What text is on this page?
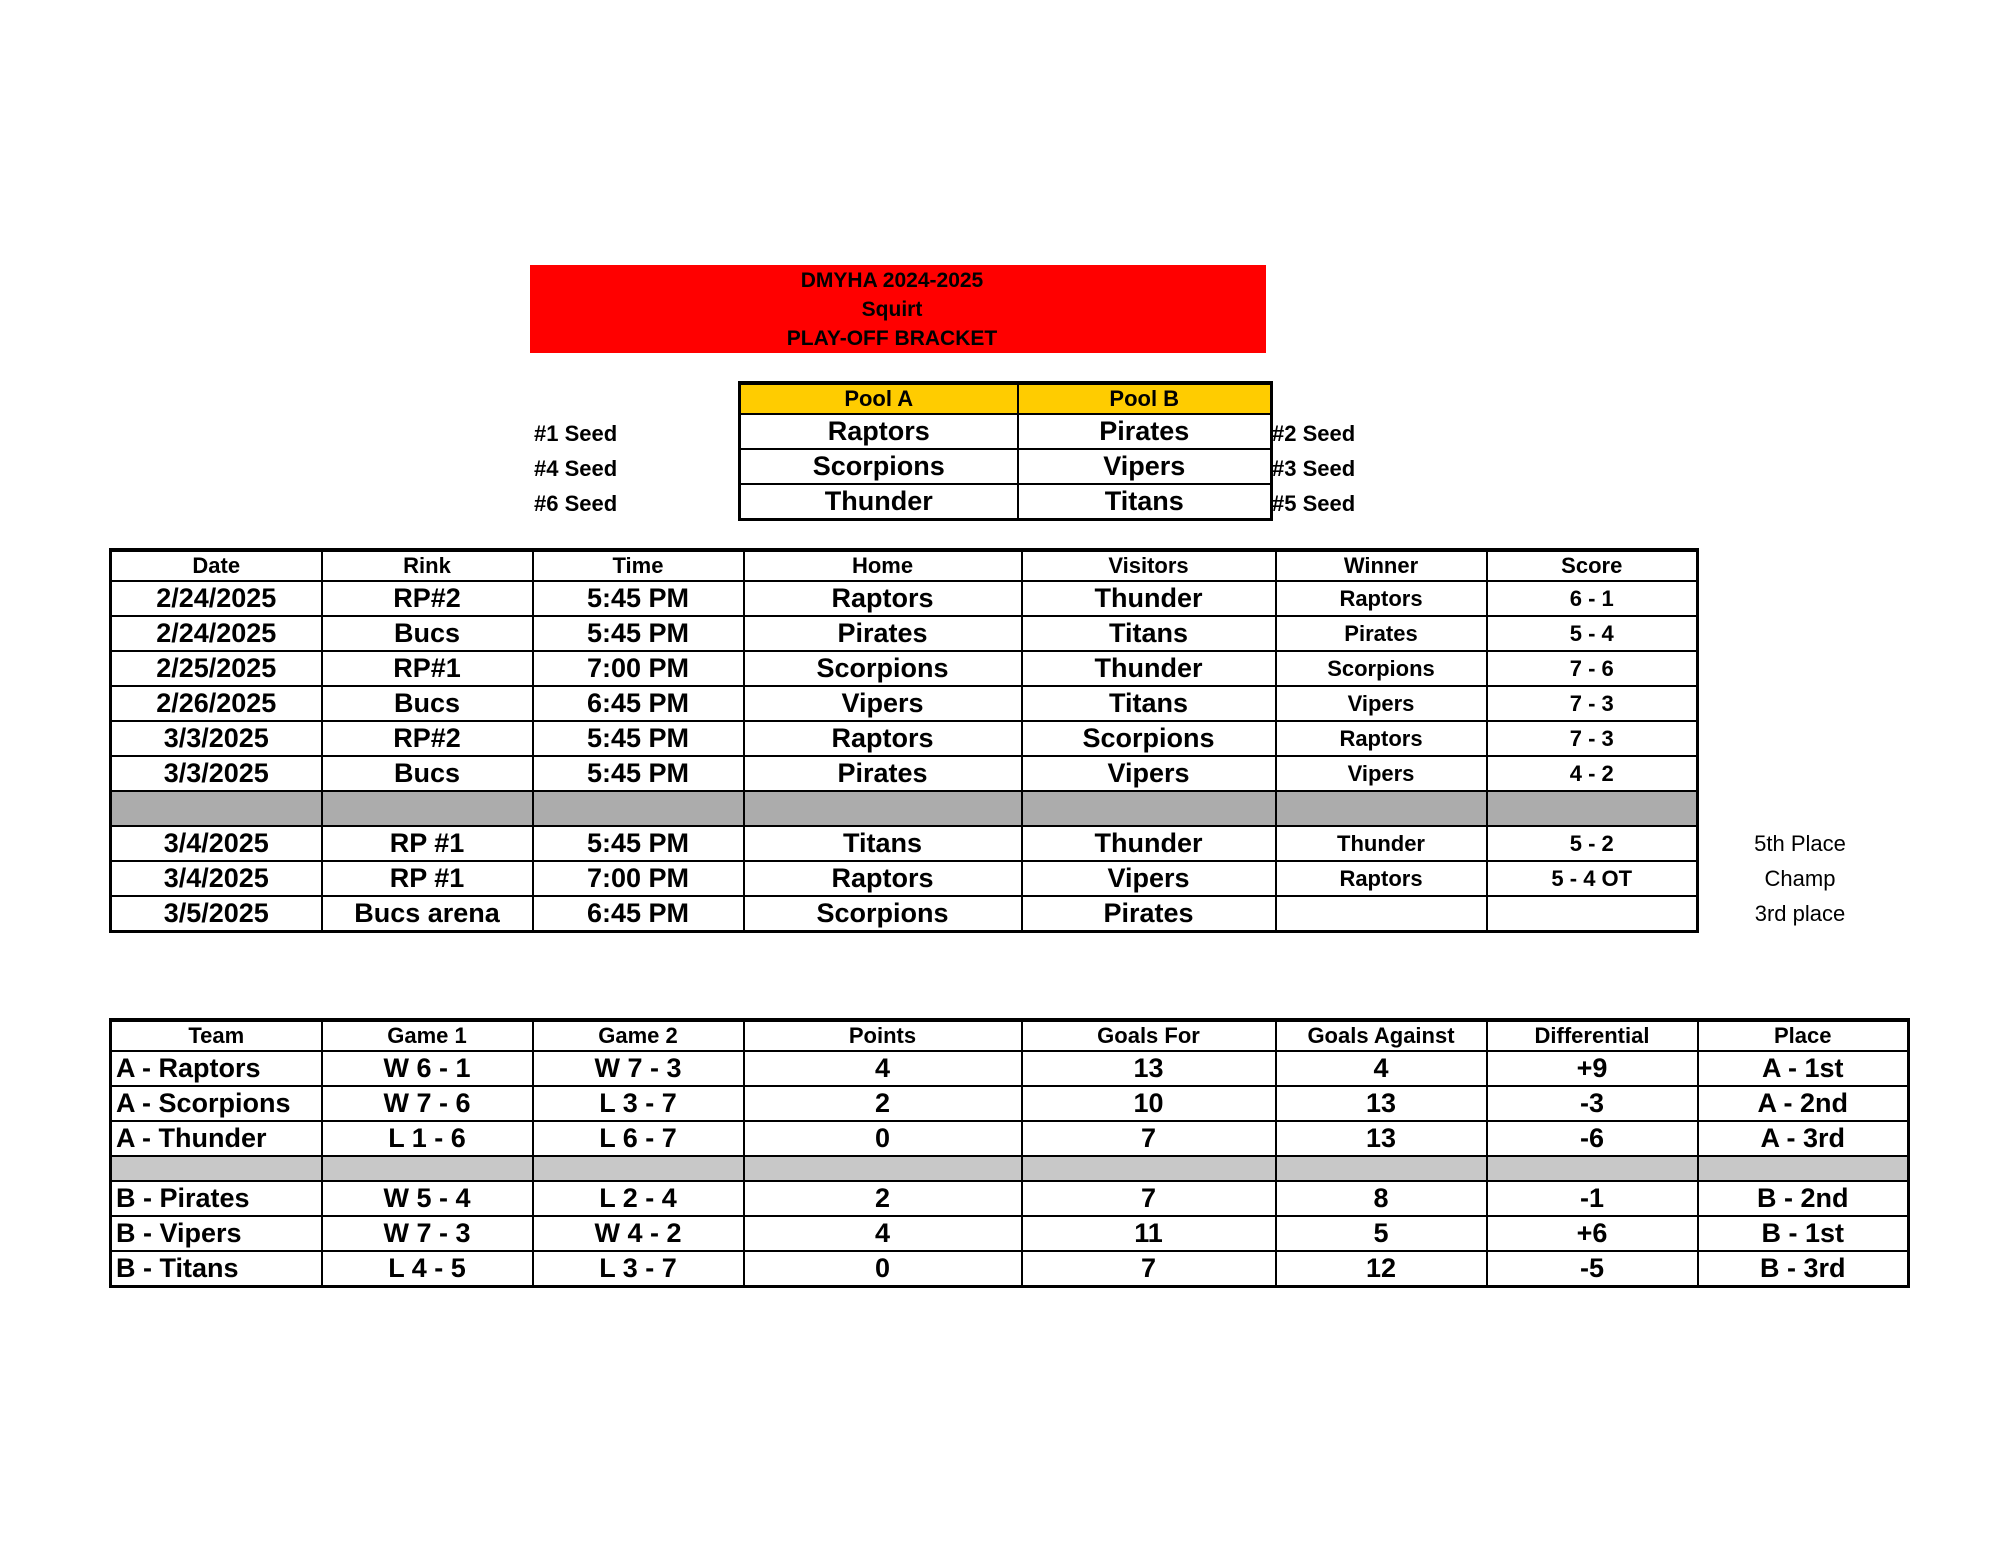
DMYHA 2024-2025
Squirt
PLAY-OFF BRACKET
#1 Seed
#4 Seed
#6 Seed
#2 Seed
#3 Seed
#5 Seed
Pool A	Pool B
Raptors	Pirates
Scorpions	Vipers
Thunder	Titans
Date	Rink	Time	Home	Visitors	Winner	Score
2/24/2025	RP#2	5:45 PM	Raptors	Thunder	Raptors	6 - 1
2/24/2025	Bucs	5:45 PM	Pirates	Titans	Pirates	5 - 4
2/25/2025	RP#1	7:00 PM	Scorpions	Thunder	Scorpions	7 - 6
2/26/2025	Bucs	6:45 PM	Vipers	Titans	Vipers	7 - 3
3/3/2025	RP#2	5:45 PM	Raptors	Scorpions	Raptors	7 - 3
3/3/2025	Bucs	5:45 PM	Pirates	Vipers	Vipers	4 - 2

3/4/2025	RP #1	5:45 PM	Titans	Thunder	Thunder	5 - 2
3/4/2025	RP #1	7:00 PM	Raptors	Vipers	Raptors	5 - 4 OT
3/5/2025	Bucs arena	6:45 PM	Scorpions	Pirates		
5th Place
Champ
3rd place
Team	Game 1	Game 2	Points	Goals For	Goals Against	Differential	Place
A - Raptors	W 6 - 1	W 7 - 3	4	13	4	+9	A - 1st
A - Scorpions	W 7 - 6	L 3 - 7	2	10	13	-3	A - 2nd
A - Thunder	L 1 - 6	L 6 - 7	0	7	13	-6	A - 3rd

B - Pirates	W 5 - 4	L 2 - 4	2	7	8	-1	B - 2nd
B - Vipers	W 7 - 3	W 4 - 2	4	11	5	+6	B - 1st
B - Titans	L 4 - 5	L 3 - 7	0	7	12	-5	B - 3rd
